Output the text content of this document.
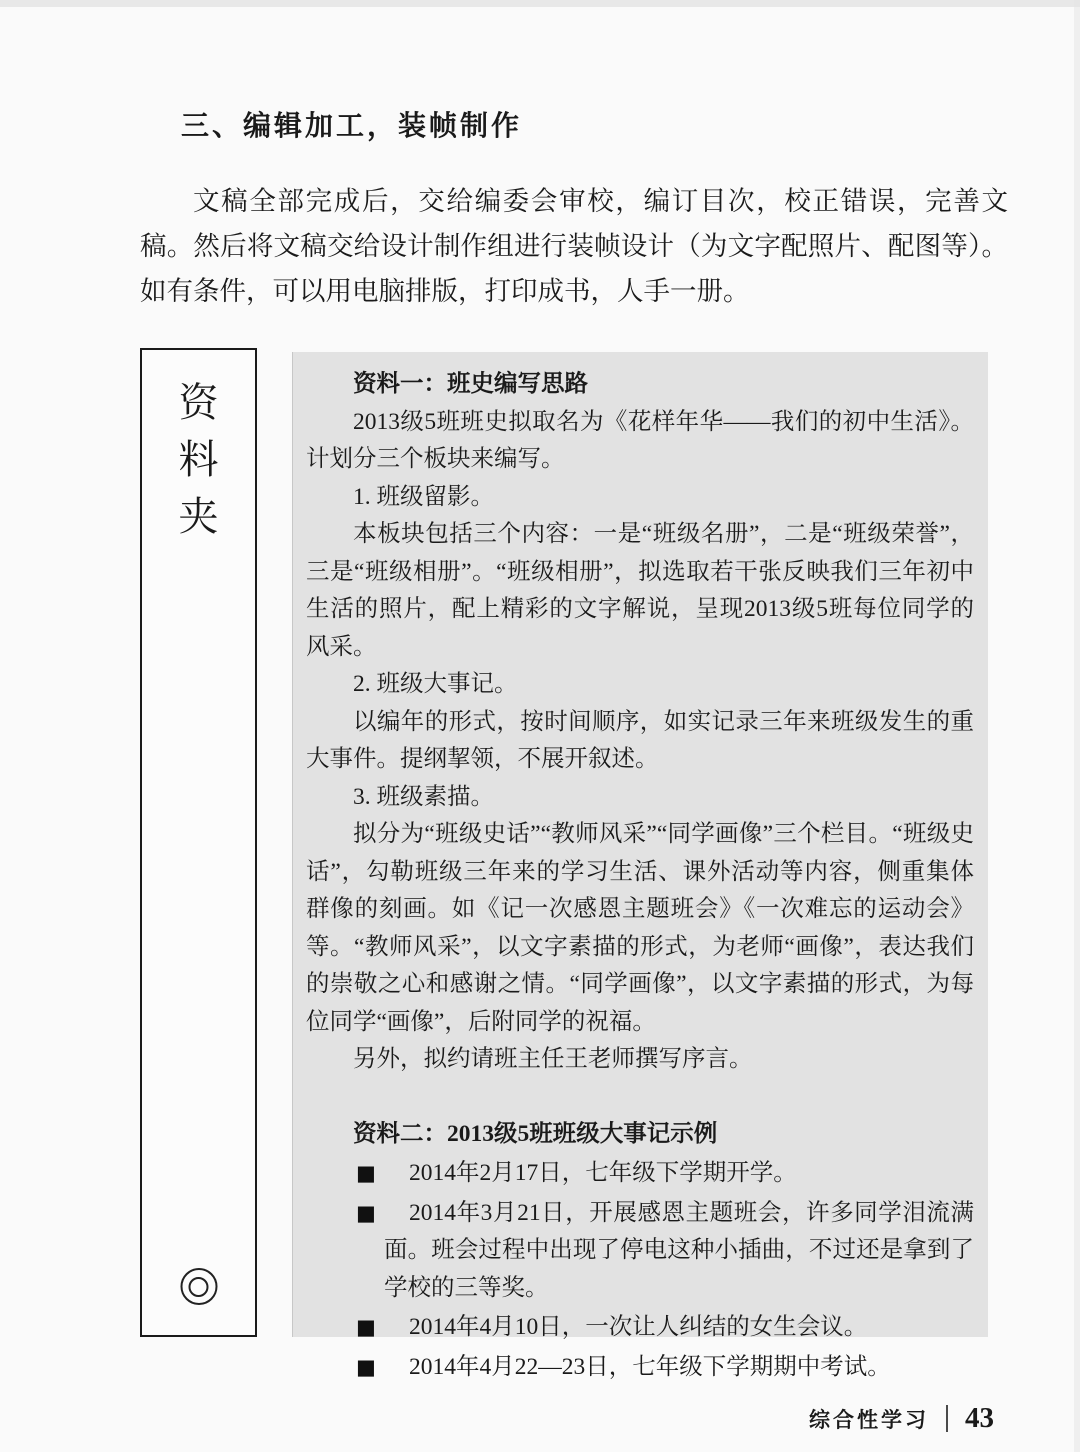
三、编辑加工，装帧制作

文稿全部完成后，交给编委会审校，编订目次，校正错误，完善文稿。然后将文稿交给设计制作组进行装帧设计（为文字配照片、配图等）。如有条件，可以用电脑排版，打印成书，人手一册。

资料夹
资料一：班史编写思路

2013级5班班史拟取名为《花样年华——我们的初中生活》。计划分三个板块来编写。

1. 班级留影。

本板块包括三个内容：一是“班级名册”，二是“班级荣誉”，三是“班级相册”。“班级相册”，拟选取若干张反映我们三年初中生活的照片，配上精彩的文字解说，呈现2013级5班每位同学的风采。

2. 班级大事记。

以编年的形式，按时间顺序，如实记录三年来班级发生的重大事件。提纲挈领，不展开叙述。

3. 班级素描。

拟分为“班级史话”“教师风采”“同学画像”三个栏目。“班级史话”，勾勒班级三年来的学习生活、课外活动等内容，侧重集体群像的刻画。如《记一次感恩主题班会》《一次难忘的运动会》等。“教师风采”，以文字素描的形式，为老师“画像”，表达我们的崇敬之心和感谢之情。“同学画像”，以文字素描的形式，为每位同学“画像”，后附同学的祝福。

另外，拟约请班主任王老师撰写序言。

资料二：2013级5班班级大事记示例
■ 2014年2月17日，七年级下学期开学。
■ 2014年3月21日，开展感恩主题班会，许多同学泪流满面。班会过程中出现了停电这种小插曲，不过还是拿到了学校的三等奖。
■ 2014年4月10日，一次让人纠结的女生会议。
■ 2014年4月22—23日，七年级下学期期中考试。
综合性学习 43
